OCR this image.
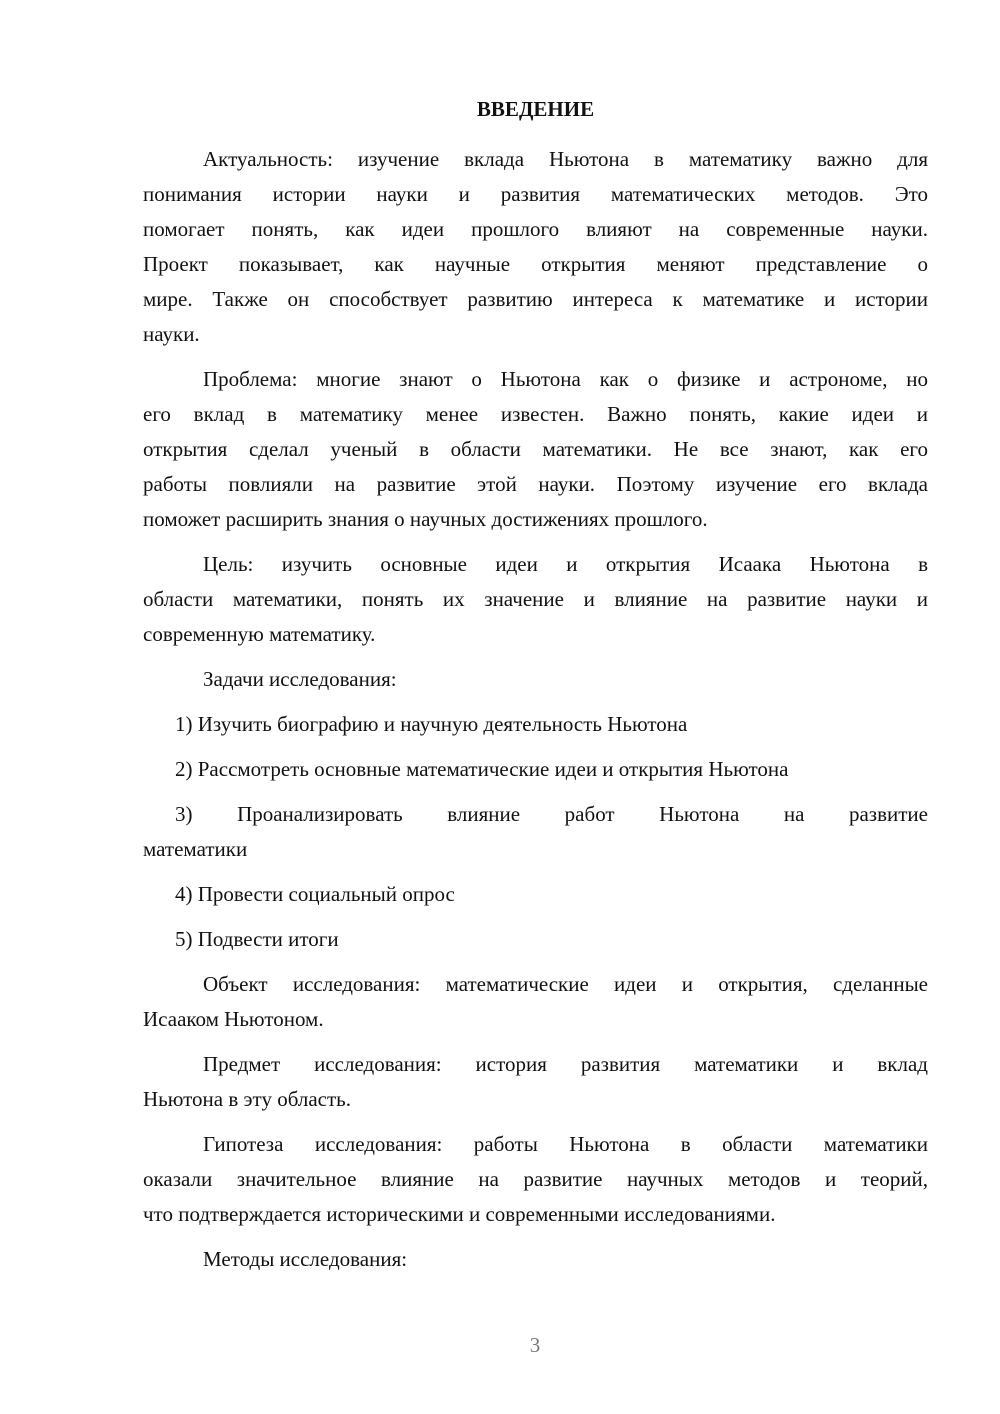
ВВЕДЕНИЕ
Актуальность: изучение вклада Ньютона в математику важно для
понимания истории науки и развития математических методов. Это
помогает понять, как идеи прошлого влияют на современные науки.
Проект показывает, как научные открытия меняют представление о
мире. Также он способствует развитию интереса к математике и истории
науки.
Проблема: многие знают о Ньютона как о физике и астрономе, но
его вклад в математику менее известен. Важно понять, какие идеи и
открытия сделал ученый в области математики. Не все знают, как его
работы повлияли на развитие этой науки. Поэтому изучение его вклада
поможет расширить знания о научных достижениях прошлого.
Цель: изучить основные идеи и открытия Исаака Ньютона в
области математики, понять их значение и влияние на развитие науки и
современную математику.
Задачи исследования:
1) Изучить биографию и научную деятельность Ньютона
2) Рассмотреть основные математические идеи и открытия Ньютона
3) Проанализировать влияние работ Ньютона на развитие
математики
4) Провести социальный опрос
5) Подвести итоги
Объект исследования: математические идеи и открытия, сделанные
Исааком Ньютоном.
Предмет исследования: история развития математики и вклад
Ньютона в эту область.
Гипотеза исследования: работы Ньютона в области математики
оказали значительное влияние на развитие научных методов и теорий,
что подтверждается историческими и современными исследованиями.
Методы исследования:
3
